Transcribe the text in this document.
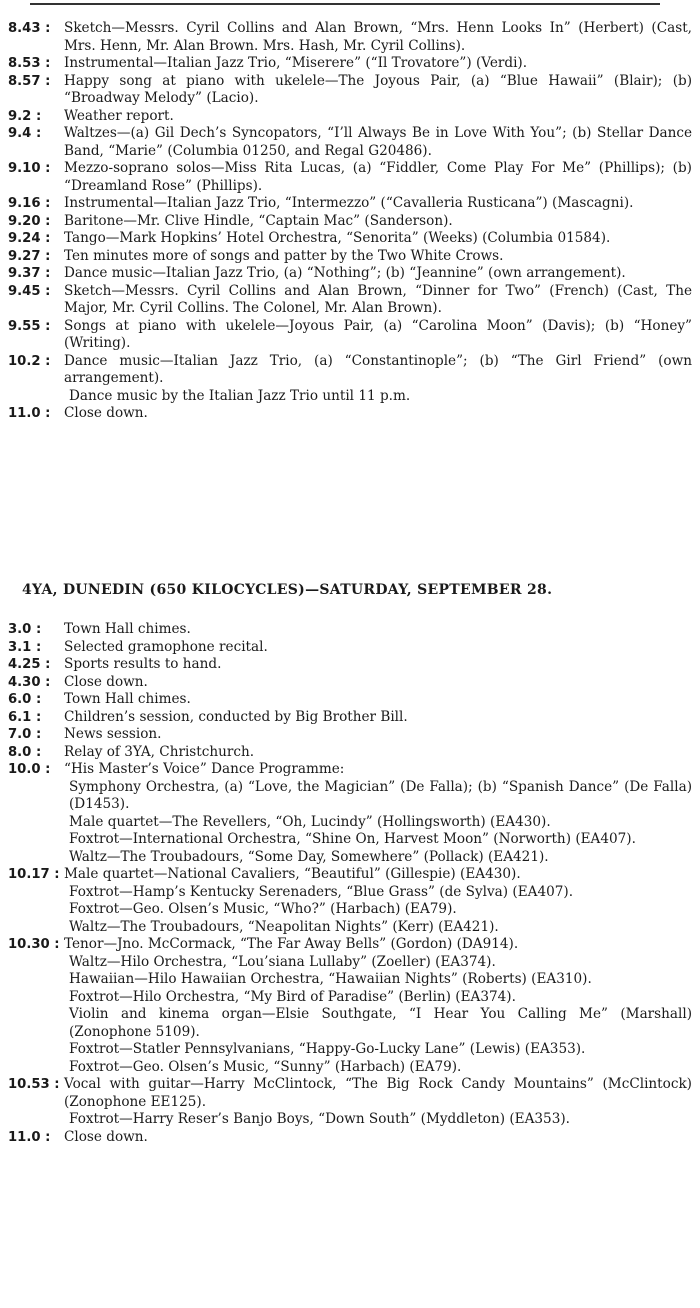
8.43 : Sketch—Messrs. Cyril Collins and Alan Brown, “Mrs. Henn Looks In” (Herbert) (Cast, Mrs. Henn, Mr. Alan Brown. Mrs. Hash, Mr. Cyril Collins).
8.53 : Instrumental—Italian Jazz Trio, “Miserere” (“Il Trovatore”) (Verdi).
8.57 : Happy song at piano with ukelele—The Joyous Pair, (a) “Blue Hawaii” (Blair); (b) “Broadway Melody” (Lacio).
9.2 :	Weather report.
9.4 :	Waltzes—(a) Gil Dech’s Syncopators, “I’ll Always Be in Love With You”; (b) Stellar Dance Band, “Marie” (Columbia 01250, and Regal G20486).
9.10 : Mezzo-soprano solos—Miss Rita Lucas, (a) “Fiddler, Come Play For Me” (Phillips); (b) “Dreamland Rose” (Phillips).
9.16 : Instrumental—Italian Jazz Trio, “Intermezzo” (“Cavalleria Rusticana”) (Mascagni).
9.20 : Baritone—Mr. Clive Hindle, “Captain Mac” (Sanderson).
9.24 : Tango—Mark Hopkins’ Hotel Orchestra, “Senorita” (Weeks) (Columbia 01584).
9.27 : Ten minutes more of songs and patter by the Two White Crows.
9.37 : Dance music—Italian Jazz Trio, (a) “Nothing”; (b) “Jeannine” (own arrangement).
9.45 : Sketch—Messrs. Cyril Collins and Alan Brown, “Dinner for Two” (French) (Cast, The Major, Mr. Cyril Collins. The Colonel, Mr. Alan Brown).
9.55 : Songs at piano with ukelele—Joyous Pair, (a) “Carolina Moon” (Davis); (b) “Honey” (Writing).
10.2 : Dance music—Italian Jazz Trio, (a) “Constantinople”; (b) “The Girl Friend” (own arrangement).
Dance music by the Italian Jazz Trio until 11 p.m.
11.0 : Close down.
4YA, DUNEDIN (650 KILOCYCLES)—SATURDAY, SEPTEMBER 28.
3.0 :	Town Hall chimes.
3.1 :	Selected gramophone recital.
4.25 : Sports results to hand.
4.30 : Close down.
6.0 :	Town Hall chimes.
6.1 :	Children’s session, conducted by Big Brother Bill.
7.0 :	News session.
8.0 :	Relay of 3YA, Christchurch.
10.0 : “His Master’s Voice” Dance Programme:
Symphony Orchestra, (a) “Love, the Magician” (De Falla); (b) “Spanish Dance” (De Falla) (D1453).
Male quartet—The Revellers, “Oh, Lucindy” (Hollingsworth) (EA430).
Foxtrot—International Orchestra, “Shine On, Harvest Moon” (Norworth) (EA407).
Waltz—The Troubadours, “Some Day, Somewhere” (Pollack) (EA421).
10.17 : Male quartet—National Cavaliers, “Beautiful” (Gillespie) (EA430).
Foxtrot—Hamp’s Kentucky Serenaders, “Blue Grass” (de Sylva) (EA407).
Foxtrot—Geo. Olsen’s Music, “Who?” (Harbach) (EA79).
Waltz—The Troubadours, “Neapolitan Nights” (Kerr) (EA421).
10.30 : Tenor—Jno. McCormack, “The Far Away Bells” (Gordon) (DA914).
Waltz—Hilo Orchestra, “Lou’siana Lullaby” (Zoeller) (EA374).
Hawaiian—Hilo Hawaiian Orchestra, “Hawaiian Nights” (Roberts) (EA310).
Foxtrot—Hilo Orchestra, “My Bird of Paradise” (Berlin) (EA374).
Violin and kinema organ—Elsie Southgate, “I Hear You Calling Me” (Marshall) (Zonophone 5109).
Foxtrot—Statler Pennsylvanians, “Happy-Go-Lucky Lane” (Lewis) (EA353).
Foxtrot—Geo. Olsen’s Music, “Sunny” (Harbach) (EA79).
10.53 : Vocal with guitar—Harry McClintock, “The Big Rock Candy Mountains” (McClintock) (Zonophone EE125).
Foxtrot—Harry Reser’s Banjo Boys, “Down South” (Myddleton) (EA353).
11.0 : Close down.
